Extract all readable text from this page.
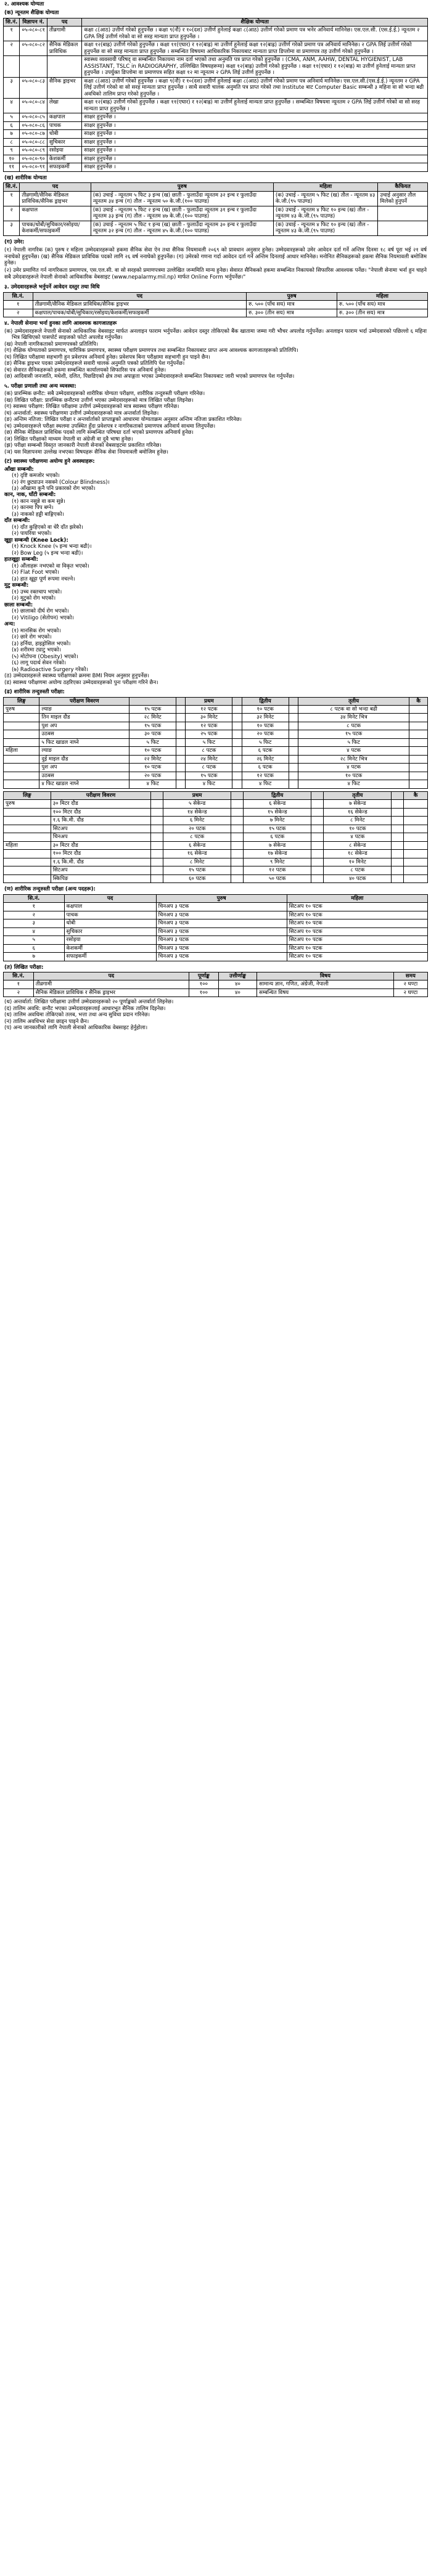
२. आवश्यक योग्यता
(क) न्यूनतम शैक्षिक योग्यता
सि.नं.	विज्ञापन नं.	पद	शैक्षिक योग्यता
१	०५-०८०-८१	तीव्रगामी	कक्षा ८(आठ) उत्तीर्ण गरेको हुनुपर्नेछ । कक्षा ९(नौ) र १०(दश) उत्तीर्ण हुनेलाई कक्षा ८(आठ) उत्तीर्ण गरेको प्रमाण पत्र भनेर अनिवार्य मानिनेछ। एस.एल.सी. (एस.ई.ई.) न्यूनतम २ GPA लिई उत्तीर्ण गरेको वा सो सरह मान्यता प्राप्त हुनुपर्नेछ ।
२	०५-०८०-८२	सैनिक मेडिकल प्राविधिक	कक्षा १२(बाह्र) उत्तीर्ण गरेको हुनुपर्नेछ । कक्षा ११(एघार) र १२(बाह्र) मा उत्तीर्ण हुनेलाई कक्षा १२(बाह्र) उत्तीर्ण गरेको प्रमाण पत्र अनिवार्य मानिनेछ। २ GPA लिई उत्तीर्ण गरेको हुनुपर्नेछ वा सो सरह मान्यता प्राप्त हुनुपर्नेछ । सम्बन्धित विषयमा आधिकारिक निकायबाट मान्यता प्राप्त डिप्लोमा वा प्रमाणपत्र तह उत्तीर्ण गरेको हुनुपर्नेछ ।
			स्वास्थ्य व्यवसायी परिषद् वा सम्बन्धित निकायमा नाम दर्ता भएको तथा अनुमति पत्र प्राप्त गरेको हुनुपर्नेछ । (CMA, ANM, AAHW, DENTAL HYGIENIST, LAB ASSISTANT, TSLC in RADIOGRAPHY, उल्लिखित विषयहरूमा) कक्षा १२(बाह्र) उत्तीर्ण गरेको हुनुपर्नेछ । कक्षा ११(एघार) र १२(बाह्र) मा उत्तीर्ण हुनेलाई मान्यता प्राप्त हुनुपर्नेछ । उपर्युक्त डिप्लोमा वा प्रमाणपत्र सहित कक्षा १२ मा न्यूनतम २ GPA लिई उत्तीर्ण हुनुपर्नेछ ।
३	०५-०८०-८३	सैनिक ड्राइभर	कक्षा ८(आठ) उत्तीर्ण गरेको हुनुपर्नेछ । कक्षा ९(नौ) र १०(दश) उत्तीर्ण हुनेलाई कक्षा ८(आठ) उत्तीर्ण गरेको प्रमाण पत्र अनिवार्य मानिनेछ। एस.एल.सी.(एस.ई.ई.) न्यूनतम २ GPA लिई उत्तीर्ण गरेको वा सो सरह मान्यता प्राप्त हुनुपर्नेछ । साथै सवारी चालक अनुमति पत्र प्राप्त गरेको तथा Institute बाट Computer Basic सम्बन्धी ३ महिना वा सो भन्दा बढी अवधिको तालिम प्राप्त गरेको हुनुपर्नेछ ।
४	०५-०८०-८४	लेखा	कक्षा १२(बाह्र) उत्तीर्ण गरेको हुनुपर्नेछ । कक्षा ११(एघार) र १२(बाह्र) मा उत्तीर्ण हुनेलाई मान्यता प्राप्त हुनुपर्नेछ । सम्बन्धित विषयमा न्यूनतम २ GPA लिई उत्तीर्ण गरेको वा सो सरह मान्यता प्राप्त हुनुपर्नेछ ।
५	०५-०८०-८५	कक्षपाल	साक्षर हुनुपर्नेछ ।
६	०५-०८०-८६	पाचक	साक्षर हुनुपर्नेछ ।
७	०५-०८०-८७	धोबी	साक्षर हुनुपर्नेछ ।
८	०५-०८०-८८	सुचिकार	साक्षर हुनुपर्नेछ ।
९	०५-०८०-८९	रसोइया	साक्षर हुनुपर्नेछ ।
१०	०५-०८०-९०	केशकर्मी	साक्षर हुनुपर्नेछ ।
११	०५-०८०-९१	सफाइकर्मी	साक्षर हुनुपर्नेछ ।
(ख) शारीरिक योग्यता
सि.नं.	पद	पुरुष	महिला	कैफियत
१	तीव्रगामी/सैनिक मेडिकल प्राविधिक/सैनिक ड्राइभर	(क) उचाई - न्यूनतम ५ फिट ३ इन्च (ख) छाती - फुलाउँदा न्यूनतम ३२ इन्च र फुलाउँदा न्यूनतम ३४ इन्च (ग) तौल - न्यूनतम ५० के.जी.(१०० पाउण्ड)	(क) उचाई - न्यूनतम ५ फिट (ख) तौल - न्यूनतम ४३ के.जी.(९५ पाउण्ड)	उचाई अनुसार तौल मिलेको हुनुपर्ने
२	कक्षपाल	(क) उचाई - न्यूनतम ५ फिट २ इन्च (ख) छाती - फुलाउँदा न्यूनतम ३१ इन्च र फुलाउँदा न्यूनतम ३३ इन्च (ग) तौल - न्यूनतम ४७ के.जी.(१०० पाउण्ड)	(क) उचाई - न्यूनतम ४ फिट १० इन्च (ख) तौल - न्यूनतम ४३ के.जी.(९५ पाउण्ड)	
३	पाचक/धोबी/सुचिकार/रसोइया/केशकर्मी/सफाइकर्मी	(क) उचाई - न्यूनतम ५ फिट १ इन्च (ख) छाती - फुलाउँदा न्यूनतम ३० इन्च र फुलाउँदा न्यूनतम ३२ इन्च (ग) तौल - न्यूनतम ४५ के.जी.(१०० पाउण्ड)	(क) उचाई - न्यूनतम ४ फिट १० इन्च (ख) तौल - न्यूनतम ४३ के.जी.(९५ पाउण्ड)	
(ग) उमेर:
(१) नेपाली नागरिक (क) पुरुष र महिला उम्मेदवारहरूको हकमा सैनिक सेवा ऐन तथा सैनिक नियमावली २०६९ को प्रावधान अनुसार हुनेछ। उम्मेदवारहरूको उमेर आवेदन दर्ता गर्ने अन्तिम दिनमा १८ वर्ष पूरा भई २१ वर्ष ननाघेको हुनुपर्नेछ। (ख) सैनिक मेडिकल प्राविधिक पदको लागि २६ वर्ष ननाघेको हुनुपर्नेछ। (ग) उमेरको गणना गर्दा आवेदन दर्ता गर्ने अन्तिम दिनलाई आधार मानिनेछ। मनोनित सैनिकहरूको हकमा सैनिक नियमावली बमोजिम हुनेछ।
(२) उमेर प्रमाणित गर्न नागरिकता प्रमाणपत्र, एस.एल.सी. वा सो सरहको प्रमाणपत्रमा उल्लेखित जन्ममिति मान्य हुनेछ। सेवारत सैनिकको हकमा सम्बन्धित निकायको सिफारिस आवश्यक पर्नेछ। "नेपाली सेनामा भर्ना हुन चाहने सबै उमेदवारहरूले नेपाली सेनाको आधिकारिक वेबसाइट (www.nepalarmy.mil.np) मार्फत Online Form भर्नुपर्नेछ।"
३. उमेदवारहरूले भर्नुपर्ने आवेदन दस्तुर तथा विधि
सि.नं.	पद	पुरुष	महिला
१	तीव्रगामी/सैनिक मेडिकल प्राविधिक/सैनिक ड्राइभर	रु. ५०० (पाँच सय) मात्र	रु. ५०० (पाँच सय) मात्र
२	कक्षपाल/पाचक/धोबी/सुचिकार/रसोइया/केशकर्मी/सफाइकर्मी	रु. ३०० (तीन सय) मात्र	रु. ३०० (तीन सय) मात्र
४. नेपाली सेनामा भर्ना हुनका लागि आवश्यक कागजातहरू
(क) उम्मेदवारहरूले नेपाली सेनाको आधिकारिक वेबसाइट मार्फत अनलाइन फाराम भर्नुपर्नेछ। आवेदन दस्तुर तोकिएको बैंक खातामा जम्मा गरी भौचर अपलोड गर्नुपर्नेछ। अनलाइन फाराम भर्दा उम्मेदवारको पछिल्लो ६ महिना भित्र खिचिएको पासपोर्ट साइजको फोटो अपलोड गर्नुपर्नेछ।
(ख) नेपाली नागरिकताको प्रमाणपत्रको प्रतिलिपि।
(ग) शैक्षिक योग्यताको प्रमाणपत्र, चारित्रिक प्रमाणपत्र, स्वास्थ्य परीक्षण प्रमाणपत्र तथा सम्बन्धित निकायबाट प्राप्त अन्य आवश्यक कागजातहरूको प्रतिलिपि।
(घ) लिखित परीक्षामा सहभागी हुन प्रवेशपत्र अनिवार्य हुनेछ। प्रवेशपत्र बिना परीक्षामा सहभागी हुन पाइने छैन।
(ङ) सैनिक ड्राइभर पदका उम्मेदवारहरूले सवारी चालक अनुमति पत्रको प्रतिलिपि पेश गर्नुपर्नेछ।
(च) सेवारत सैनिकहरूको हकमा सम्बन्धित कार्यालयको सिफारिस पत्र अनिवार्य हुनेछ।
(छ) आदिवासी जनजाति, मधेशी, दलित, पिछडिएको क्षेत्र तथा अपाङ्गता भएका उम्मेदवारहरूले सम्बन्धित निकायबाट जारी भएको प्रमाणपत्र पेश गर्नुपर्नेछ।
५. परीक्षा प्रणाली तथा अन्य व्यवस्था:
(क) प्रारम्भिक छनौट: सबै उम्मेदवारहरूको शारीरिक योग्यता परीक्षण, शारीरिक तन्दुरुस्ती परीक्षण गरिनेछ।
(ख) लिखित परीक्षा: प्रारम्भिक छनौटमा उत्तीर्ण भएका उम्मेदवारहरूको मात्र लिखित परीक्षा लिइनेछ।
(ग) स्वास्थ्य परीक्षण: लिखित परीक्षामा उत्तीर्ण उम्मेदवारहरूको मात्र स्वास्थ्य परीक्षण गरिनेछ।
(घ) अन्तर्वार्ता: स्वास्थ्य परीक्षणमा उत्तीर्ण उम्मेदवारहरूको मात्र अन्तर्वार्ता लिइनेछ।
(ङ) अन्तिम नतिजा: लिखित परीक्षा र अन्तर्वार्ताको प्राप्ताङ्कको आधारमा योग्यताक्रम अनुसार अन्तिम नतिजा प्रकाशित गरिनेछ।
(च) उम्मेदवारहरूले परीक्षा स्थलमा उपस्थित हुँदा प्रवेशपत्र र नागरिकताको प्रमाणपत्र अनिवार्य साथमा लिनुपर्नेछ।
(छ) सैनिक मेडिकल प्राविधिक पदको लागि सम्बन्धित परिषद्मा दर्ता भएको प्रमाणपत्र अनिवार्य हुनेछ।
(ज) लिखित परीक्षाको माध्यम नेपाली वा अंग्रेजी वा दुवै भाषा हुनेछ।
(झ) परीक्षा सम्बन्धी विस्तृत जानकारी नेपाली सेनाको वेबसाइटमा प्रकाशित गरिनेछ।
(ञ) यस विज्ञापनमा उल्लेख नभएका विषयहरू सैनिक सेवा नियमावली बमोजिम हुनेछ।
(ट) स्वास्थ्य परीक्षणमा अयोग्य हुने अवस्थाहरू:
आँखा सम्बन्धी:
(१) दृष्टि कमजोर भएको।
(२) रंग छुट्याउन नसक्ने (Colour Blindness)।
(३) आँखामा कुनै पनि प्रकारको रोग भएको।
कान, नाक, घाँटी सम्बन्धी:
(१) कान नसुन्ने वा कम सुन्ने।
(२) कानमा पिप बग्ने।
(३) नाकको हड्डी बाङ्गिएको।
दाँत सम्बन्धी:
(१) दाँत कुहिएको वा धेरै दाँत झरेको।
(२) पायरिया भएको।
खुट्टा सम्बन्धी (Knee Lock):
(१) Knock Knee (५ इन्च भन्दा बढी)।
(२) Bow Leg (५ इन्च भन्दा बढी)।
हातखुट्टा सम्बन्धी:
(१) औंलाहरू नभएको वा विकृत भएको।
(२) Flat Foot भएको।
(३) हात खुट्टा पूर्ण रूपमा नचल्ने।
मुटु सम्बन्धी:
(१) उच्च रक्तचाप भएको।
(२) मुटुको रोग भएको।
छाला सम्बन्धी:
(१) छालाको दीर्घ रोग भएको।
(२) Vitiligo (सेतोपन) भएको।
अन्य:
(१) मानसिक रोग भएको।
(२) छारे रोग भएको।
(३) हर्निया, हाइड्रोसिल भएको।
(४) शरीरमा ट्याटु भएको।
(५) मोटोपना (Obesity) भएको।
(६) लागू पदार्थ सेवन गरेको।
(७) Radioactive Surgery गरेको।
(ठ) उम्मेदवारहरूले स्वास्थ्य परीक्षणको क्रममा BMI नियम अनुसार हुनुपर्नेछ।
(ड) स्वास्थ्य परीक्षणमा अयोग्य ठहरिएका उम्मेदवारहरूको पुनः परीक्षण गरिने छैन।
(ढ) शारीरिक तन्दुरुस्ती परीक्षा:
लिङ्ग	परीक्षण विवरण			प्रथम		द्वितीय		तृतीय	कै
पुरुष	ल्याङ	१५ पटक		१२ पटक		१० पटक		८ पटक वा सो भन्दा बढी	
	तिन माइल दौड	२८ मिनेट		३० मिनेट		३२ मिनेट		३४ मिनेट भित्र	
	पुश अप	१५ पटक		१२ पटक		१० पटक		८ पटक	
	उठबस	३० पटक		२५ पटक		२० पटक		१५ पटक	
	५ फिट खाडल नाघ्ने	५ फिट		५ फिट		५ फिट		५ फिट	
महिला	ल्याङ	१० पटक		८ पटक		६ पटक		४ पटक	
	दुई माइल दौड	२२ मिनेट		२४ मिनेट		२६ मिनेट		२८ मिनेट भित्र	
	पुश अप	१० पटक		८ पटक		६ पटक		४ पटक	
	उठबस	२० पटक		१५ पटक		१२ पटक		१० पटक	
	४ फिट खाडल नाघ्ने	४ फिट		४ फिट		४ फिट		४ फिट	
लिङ्ग	परीक्षण विवरण		प्रथम		द्वितीय		तृतीय		कै
पुरुष	३० मिटर दौड		५ सेकेन्ड		६ सेकेन्ड		७ सेकेन्ड		
	१०० मिटर दौड		१४ सेकेन्ड		१५ सेकेन्ड		१६ सेकेन्ड		
	१.६ कि.मी. दौड		६ मिनेट		७ मिनेट		८ मिनेट		
	सिटअप		२० पटक		१५ पटक		१० पटक		
	चिनअप		८ पटक		६ पटक		४ पटक		
महिला	३० मिटर दौड		६ सेकेन्ड		७ सेकेन्ड		८ सेकेन्ड		
	१०० मिटर दौड		१६ सेकेन्ड		१७ सेकेन्ड		१८ सेकेन्ड		
	१.६ कि.मी. दौड		८ मिनेट		९ मिनेट		१० मिनेट		
	सिटअप		१५ पटक		१२ पटक		८ पटक		
	स्किपिङ		६० पटक		५० पटक		४० पटक		
(ण) शारीरिक तन्दुरुस्ती परीक्षा (अन्य पदहरू):
सि.नं.	पद	पुरुष	महिला
१	कक्षपाल	चिनअप ३ पटक	सिटअप १० पटक
२	पाचक	चिनअप ३ पटक	सिटअप १० पटक
३	धोबी	चिनअप ३ पटक	सिटअप १० पटक
४	सुचिकार	चिनअप ३ पटक	सिटअप १० पटक
५	रसोइया	चिनअप ३ पटक	सिटअप १० पटक
६	केशकर्मी	चिनअप ३ पटक	सिटअप १० पटक
७	सफाइकर्मी	चिनअप ३ पटक	सिटअप १० पटक
(त) लिखित परीक्षा:
सि.नं.	पद	पूर्णाङ्क	उत्तीर्णाङ्क	विषय	समय
१	तीव्रगामी	१००	४०	सामान्य ज्ञान, गणित, अंग्रेजी, नेपाली	२ घण्टा
२	सैनिक मेडिकल प्राविधिक र सैनिक ड्राइभर	१००	४०	सम्बन्धित विषय	२ घण्टा
(थ) अन्तर्वार्ता: लिखित परीक्षामा उत्तीर्ण उम्मेदवारहरूको २० पूर्णाङ्कको अन्तर्वार्ता लिइनेछ।
(द) तालिम अवधि: छनौट भएका उम्मेदवारहरूलाई आधारभूत सैनिक तालिम दिइनेछ।
(ध) तालिम अवधिमा तोकिएको तलब, भत्ता तथा अन्य सुविधा प्रदान गरिनेछ।
(न) तालिम अवधिभर सेवा छाड्न पाइने छैन।
(प) अन्य जानकारीको लागि नेपाली सेनाको आधिकारिक वेबसाइट हेर्नुहोला।
